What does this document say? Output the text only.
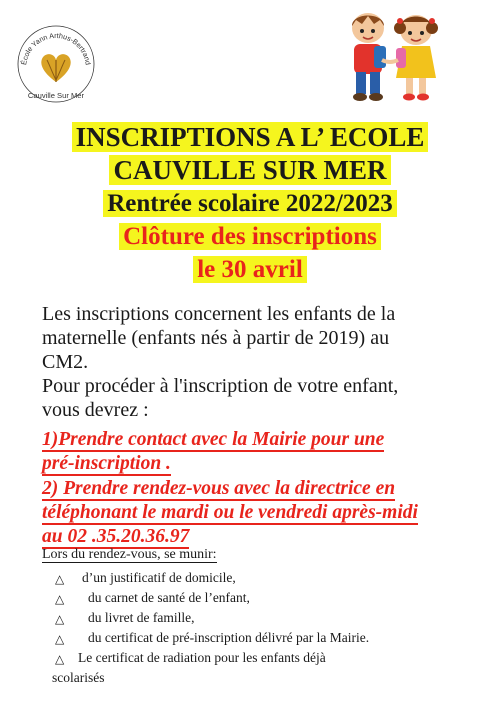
École Yann Arthus-Bertrand
Cauville Sur Mer
INSCRIPTIONS A L’ ECOLE
CAUVILLE SUR MER
Rentrée scolaire 2022/2023
Clôture des inscriptions
le 30 avril

Les inscriptions concernent les enfants de la

maternelle (enfants nés à partir de 2019) au

CM2.

Pour procéder à l'inscription de votre enfant,

vous devrez :

1)Prendre contact avec la Mairie pour une
pré-inscription .
2) Prendre rendez-vous avec la directrice en
téléphonant le mardi ou le vendredi après-midi
au 02 .35.20.36.97
Lors du rendez-vous, se munir:
△ d’un justificatif de domicile,
△ du carnet de santé de l’enfant,
△ du livret de famille,
△ du certificat de pré-inscription délivré par la Mairie.
△ Le certificat de radiation pour les enfants déjà
scolarisés
